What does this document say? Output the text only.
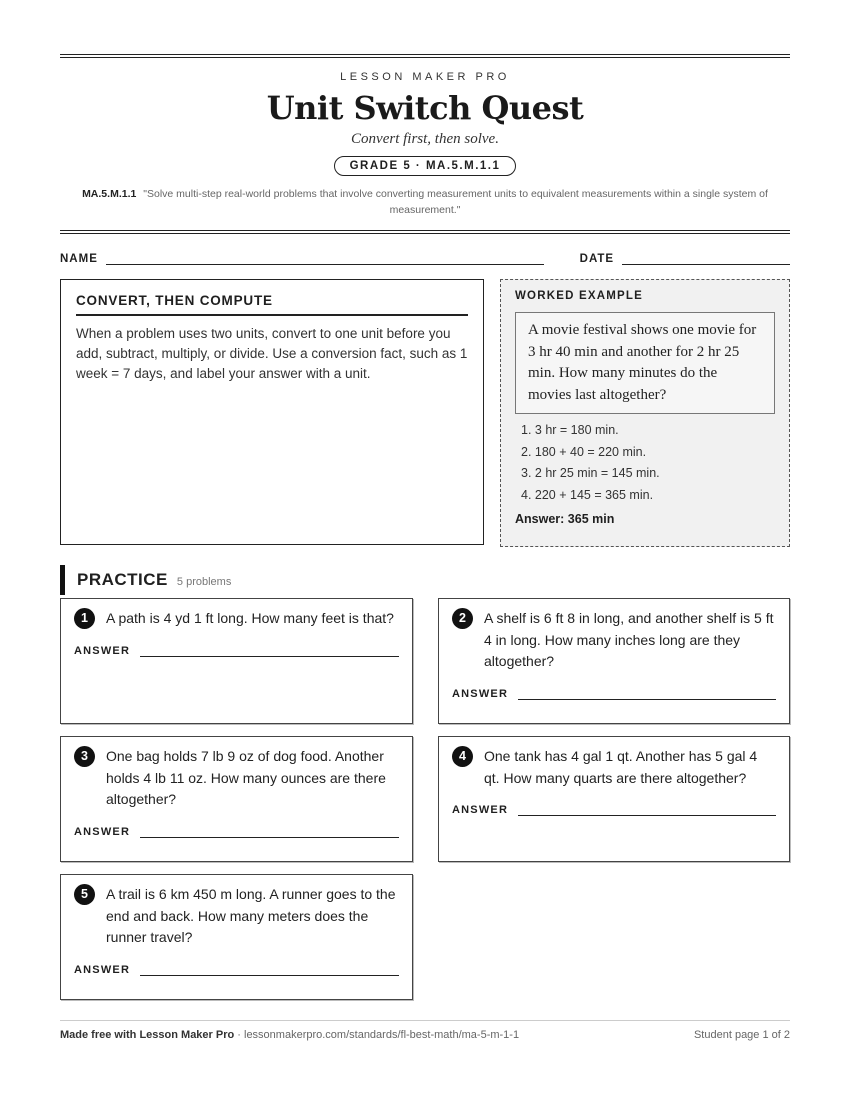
LESSON MAKER PRO
Unit Switch Quest
Convert first, then solve.
GRADE 5 · MA.5.M.1.1
MA.5.M.1.1 "Solve multi-step real-world problems that involve converting measurement units to equivalent measurements within a single system of measurement."
NAME	DATE
CONVERT, THEN COMPUTE
When a problem uses two units, convert to one unit before you add, subtract, multiply, or divide. Use a conversion fact, such as 1 week = 7 days, and label your answer with a unit.
WORKED EXAMPLE
A movie festival shows one movie for 3 hr 40 min and another for 2 hr 25 min. How many minutes do the movies last altogether?
1. 3 hr = 180 min.
2. 180 + 40 = 220 min.
3. 2 hr 25 min = 145 min.
4. 220 + 145 = 365 min.
Answer: 365 min
PRACTICE 5 problems
1	A path is 4 yd 1 ft long. How many feet is that?
ANSWER
2	A shelf is 6 ft 8 in long, and another shelf is 5 ft 4 in long. How many inches long are they altogether?
ANSWER
3	One bag holds 7 lb 9 oz of dog food. Another holds 4 lb 11 oz. How many ounces are there altogether?
ANSWER
4	One tank has 4 gal 1 qt. Another has 5 gal 4 qt. How many quarts are there altogether?
ANSWER
5	A trail is 6 km 450 m long. A runner goes to the end and back. How many meters does the runner travel?
ANSWER
Made free with Lesson Maker Pro · lessonmakerpro.com/standards/fl-best-math/ma-5-m-1-1	Student page 1 of 2
